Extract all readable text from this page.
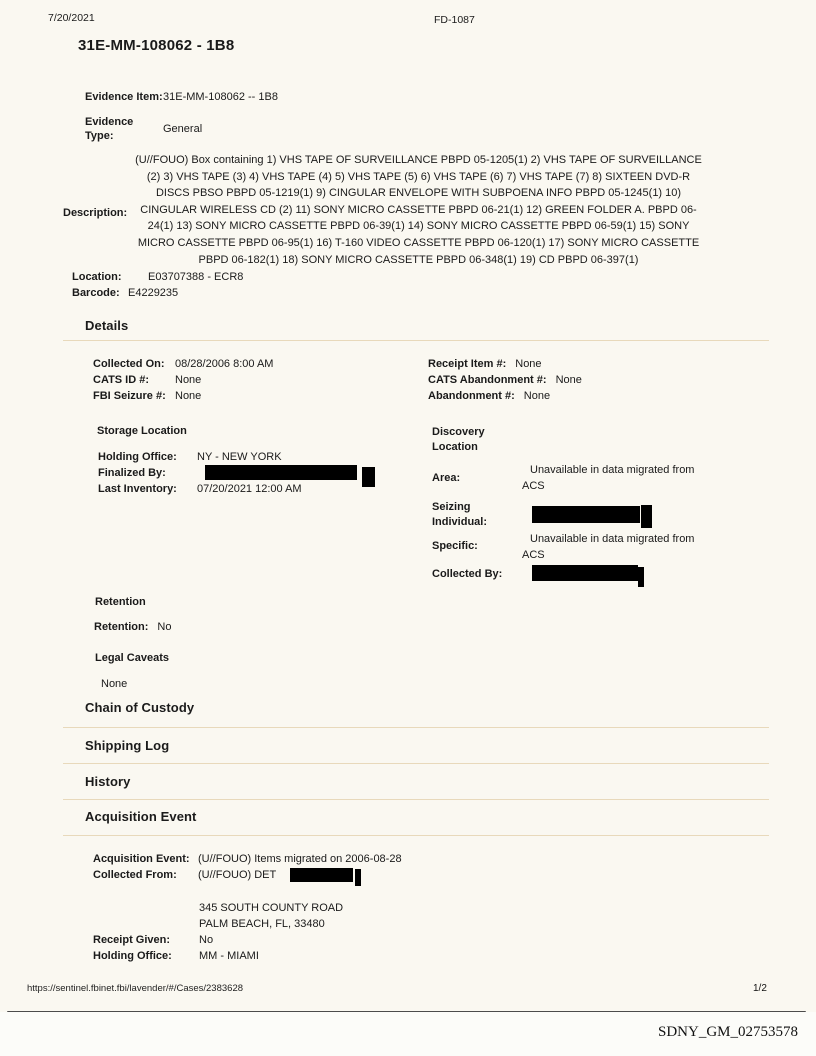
7/20/2021	FD-1087
31E-MM-108062 - 1B8
Evidence Item: 31E-MM-108062 -- 1B8
Evidence Type:
General
Description:
(U//FOUO) Box containing 1) VHS TAPE OF SURVEILLANCE PBPD 05-1205(1) 2) VHS TAPE OF SURVEILLANCE (2) 3) VHS TAPE (3) 4) VHS TAPE (4) 5) VHS TAPE (5) 6) VHS TAPE (6) 7) VHS TAPE (7) 8) SIXTEEN DVD-R DISCS PBSO PBPD 05-1219(1) 9) CINGULAR ENVELOPE WITH SUBPOENA INFO PBPD 05-1245(1) 10) CINGULAR WIRELESS CD (2) 11) SONY MICRO CASSETTE PBPD 06-21(1) 12) GREEN FOLDER A. PBPD 06-24(1) 13) SONY MICRO CASSETTE PBPD 06-39(1) 14) SONY MICRO CASSETTE PBPD 06-59(1) 15) SONY MICRO CASSETTE PBPD 06-95(1) 16) T-160 VIDEO CASSETTE PBPD 06-120(1) 17) SONY MICRO CASSETTE PBPD 06-182(1) 18) SONY MICRO CASSETTE PBPD 06-348(1) 19) CD PBPD 06-397(1)
Location:	E03707388 - ECR8
Barcode: E4229235
Details
Collected On: 08/28/2006 8:00 AM
CATS ID #:	None
FBI Seizure #: None
Receipt Item #: None
CATS Abandonment #: None
Abandonment #: None
Storage Location
Holding Office:	NY - NEW YORK
Finalized By:
Last Inventory:	07/20/2021 12:00 AM
Discovery Location
Area:
Unavailable in data migrated from ACS
Seizing Individual:
Specific:
Unavailable in data migrated from ACS
Collected By:
Retention
Retention: No
Legal Caveats
None
Chain of Custody
Shipping Log
History
Acquisition Event
Acquisition Event: (U//FOUO) Items migrated on 2006-08-28
Collected From:	(U//FOUO) DET
345 SOUTH COUNTY ROAD
PALM BEACH, FL, 33480
Receipt Given:	No
Holding Office:	MM - MIAMI
https://sentinel.fbinet.fbi/lavender/#/Cases/2383628	1/2
SDNY_GM_02753578
